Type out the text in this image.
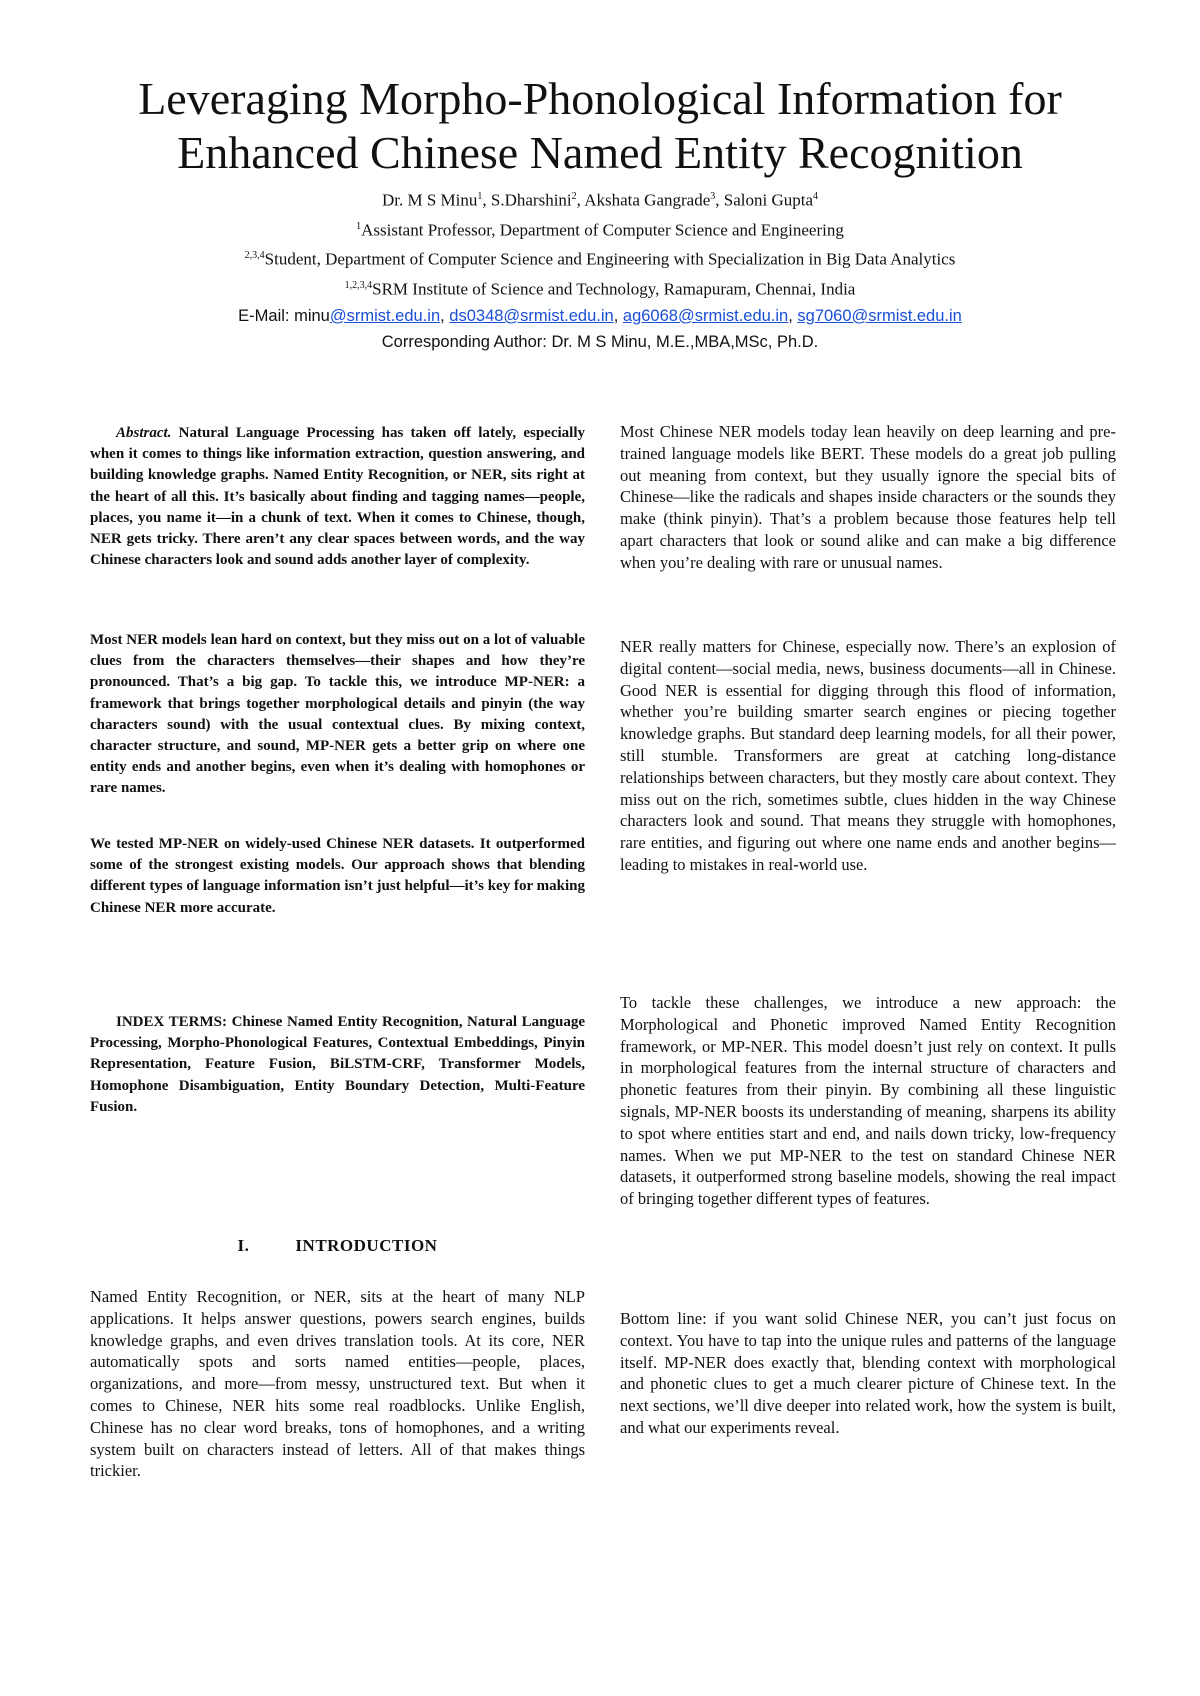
Leveraging Morpho-Phonological Information for
Enhanced Chinese Named Entity Recognition

Dr. M S Minu$^1$, S.Dharshini$^2$, Akshata Gangrade$^3$, Saloni Gupta$^4$

$^1$Assistant Professor, Department of Computer Science and Engineering

$^{2,3,4}$Student, Department of Computer Science and Engineering with Specialization in Big Data Analytics

$^{1,2,3,4}$SRM Institute of Science and Technology, Ramapuram, Chennai, India

E-Mail: minu@srmist.edu.in, ds0348@srmist.edu.in, ag6068@srmist.edu.in, sg7060@srmist.edu.in

Corresponding Author: Dr. M S Minu, M.E.,MBA,MSc, Ph.D.

Abstract. Natural Language Processing has taken off lately, especially when it comes to things like information extraction, question answering, and building knowledge graphs. Named Entity Recognition, or NER, sits right at the heart of all this. It’s basically about finding and tagging names—people, places, you name it—in a chunk of text. When it comes to Chinese, though, NER gets tricky. There aren’t any clear spaces between words, and the way Chinese characters look and sound adds another layer of complexity.

Most NER models lean hard on context, but they miss out on a lot of valuable clues from the characters themselves—their shapes and how they’re pronounced. That’s a big gap. To tackle this, we introduce MP-NER: a framework that brings together morphological details and pinyin (the way characters sound) with the usual contextual clues. By mixing context, character structure, and sound, MP-NER gets a better grip on where one entity ends and another begins, even when it’s dealing with homophones or rare names.

We tested MP-NER on widely-used Chinese NER datasets. It outperformed some of the strongest existing models. Our approach shows that blending different types of language information isn’t just helpful—it’s key for making Chinese NER more accurate.

INDEX TERMS: Chinese Named Entity Recognition, Natural Language Processing, Morpho-Phonological Features, Contextual Embeddings, Pinyin Representation, Feature Fusion, BiLSTM-CRF, Transformer Models, Homophone Disambiguation, Entity Boundary Detection, Multi-Feature Fusion.

I.	INTRODUCTION

Named Entity Recognition, or NER, sits at the heart of many NLP applications. It helps answer questions, powers search engines, builds knowledge graphs, and even drives translation tools. At its core, NER automatically spots and sorts named entities—people, places, organizations, and more—from messy, unstructured text. But when it comes to Chinese, NER hits some real roadblocks. Unlike English, Chinese has no clear word breaks, tons of homophones, and a writing system built on characters instead of letters. All of that makes things trickier.

Most Chinese NER models today lean heavily on deep learning and pre-trained language models like BERT. These models do a great job pulling out meaning from context, but they usually ignore the special bits of Chinese—like the radicals and shapes inside characters or the sounds they make (think pinyin). That’s a problem because those features help tell apart characters that look or sound alike and can make a big difference when you’re dealing with rare or unusual names.

NER really matters for Chinese, especially now. There’s an explosion of digital content—social media, news, business documents—all in Chinese. Good NER is essential for digging through this flood of information, whether you’re building smarter search engines or piecing together knowledge graphs. But standard deep learning models, for all their power, still stumble. Transformers are great at catching long-distance relationships between characters, but they mostly care about context. They miss out on the rich, sometimes subtle, clues hidden in the way Chinese characters look and sound. That means they struggle with homophones, rare entities, and figuring out where one name ends and another begins—leading to mistakes in real-world use.

To tackle these challenges, we introduce a new approach: the Morphological and Phonetic improved Named Entity Recognition framework, or MP-NER. This model doesn’t just rely on context. It pulls in morphological features from the internal structure of characters and phonetic features from their pinyin. By combining all these linguistic signals, MP-NER boosts its understanding of meaning, sharpens its ability to spot where entities start and end, and nails down tricky, low-frequency names. When we put MP-NER to the test on standard Chinese NER datasets, it outperformed strong baseline models, showing the real impact of bringing together different types of features.

Bottom line: if you want solid Chinese NER, you can’t just focus on context. You have to tap into the unique rules and patterns of the language itself. MP-NER does exactly that, blending context with morphological and phonetic clues to get a much clearer picture of Chinese text. In the next sections, we’ll dive deeper into related work, how the system is built, and what our experiments reveal.
